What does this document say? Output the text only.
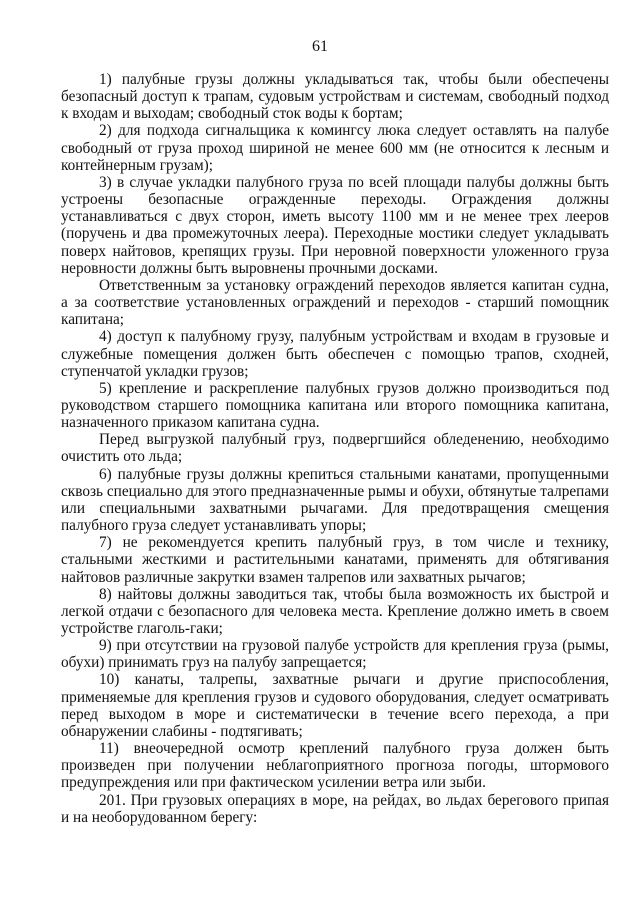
61

1) палубные грузы должны укладываться так, чтобы были обеспечены безопасный доступ к трапам, судовым устройствам и системам, свободный подход к входам и выходам; свободный сток воды к бортам;

2) для подхода сигнальщика к комингсу люка следует оставлять на палубе свободный от груза проход шириной не менее 600 мм (не относится к лесным и контейнерным грузам);

3) в случае укладки палубного груза по всей площади палубы должны быть устроены безопасные огражденные переходы. Ограждения должны устанавливаться с двух сторон, иметь высоту 1100 мм и не менее трех лееров (поручень и два промежуточных леера). Переходные мостики следует укладывать поверх найтовов, крепящих грузы. При неровной поверхности уложенного груза неровности должны быть выровнены прочными досками.

Ответственным за установку ограждений переходов является капитан судна, а за соответствие установленных ограждений и переходов - старший помощник капитана;

4) доступ к палубному грузу, палубным устройствам и входам в грузовые и служебные помещения должен быть обеспечен с помощью трапов, сходней, ступенчатой укладки грузов;

5) крепление и раскрепление палубных грузов должно производиться под руководством старшего помощника капитана или второго помощника капитана, назначенного приказом капитана судна.

Перед выгрузкой палубный груз, подвергшийся обледенению, необходимо очистить ото льда;

6) палубные грузы должны крепиться стальными канатами, пропущенными сквозь специально для этого предназначенные рымы и обухи, обтянутые талрепами или специальными захватными рычагами. Для предотвращения смещения палубного груза следует устанавливать упоры;

7) не рекомендуется крепить палубный груз, в том числе и технику, стальными жесткими и растительными канатами, применять для обтягивания найтовов различные закрутки взамен талрепов или захватных рычагов;

8) найтовы должны заводиться так, чтобы была возможность их быстрой и легкой отдачи с безопасного для человека места. Крепление должно иметь в своем устройстве глаголь-гаки;

9) при отсутствии на грузовой палубе устройств для крепления груза (рымы, обухи) принимать груз на палубу запрещается;

10) канаты, талрепы, захватные рычаги и другие приспособления, применяемые для крепления грузов и судового оборудования, следует осматривать перед выходом в море и систематически в течение всего перехода, а при обнаружении слабины - подтягивать;

11) внеочередной осмотр креплений палубного груза должен быть произведен при получении неблагоприятного прогноза погоды, штормового предупреждения или при фактическом усилении ветра или зыби.

201. При грузовых операциях в море, на рейдах, во льдах берегового припая и на необорудованном берегу:
